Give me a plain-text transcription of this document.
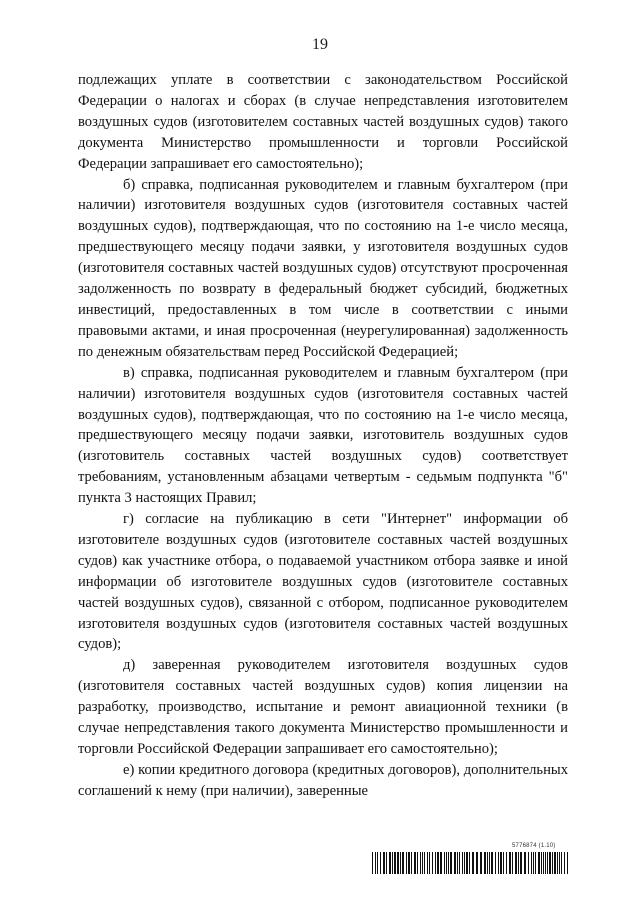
19

подлежащих уплате в соответствии с законодательством Российской Федерации о налогах и сборах (в случае непредставления изготовителем воздушных судов (изготовителем составных частей воздушных судов) такого документа Министерство промышленности и торговли Российской Федерации запрашивает его самостоятельно);

б) справка, подписанная руководителем и главным бухгалтером (при наличии) изготовителя воздушных судов (изготовителя составных частей воздушных судов), подтверждающая, что по состоянию на 1-е число месяца, предшествующего месяцу подачи заявки, у изготовителя воздушных судов (изготовителя составных частей воздушных судов) отсутствуют просроченная задолженность по возврату в федеральный бюджет субсидий, бюджетных инвестиций, предоставленных в том числе в соответствии с иными правовыми актами, и иная просроченная (неурегулированная) задолженность по денежным обязательствам перед Российской Федерацией;

в) справка, подписанная руководителем и главным бухгалтером (при наличии) изготовителя воздушных судов (изготовителя составных частей воздушных судов), подтверждающая, что по состоянию на 1-е число месяца, предшествующего месяцу подачи заявки, изготовитель воздушных судов (изготовитель составных частей воздушных судов) соответствует требованиям, установленным абзацами четвертым - седьмым подпункта "б" пункта 3 настоящих Правил;

г) согласие на публикацию в сети "Интернет" информации об изготовителе воздушных судов (изготовителе составных частей воздушных судов) как участнике отбора, о подаваемой участником отбора заявке и иной информации об изготовителе воздушных судов (изготовителе составных частей воздушных судов), связанной с отбором, подписанное руководителем изготовителя воздушных судов (изготовителя составных частей воздушных судов);

д) заверенная руководителем изготовителя воздушных судов (изготовителя составных частей воздушных судов) копия лицензии на разработку, производство, испытание и ремонт авиационной техники (в случае непредставления такого документа Министерство промышленности и торговли Российской Федерации запрашивает его самостоятельно);

е) копии кредитного договора (кредитных договоров), дополнительных соглашений к нему (при наличии), заверенные

5776874 (1.10)
